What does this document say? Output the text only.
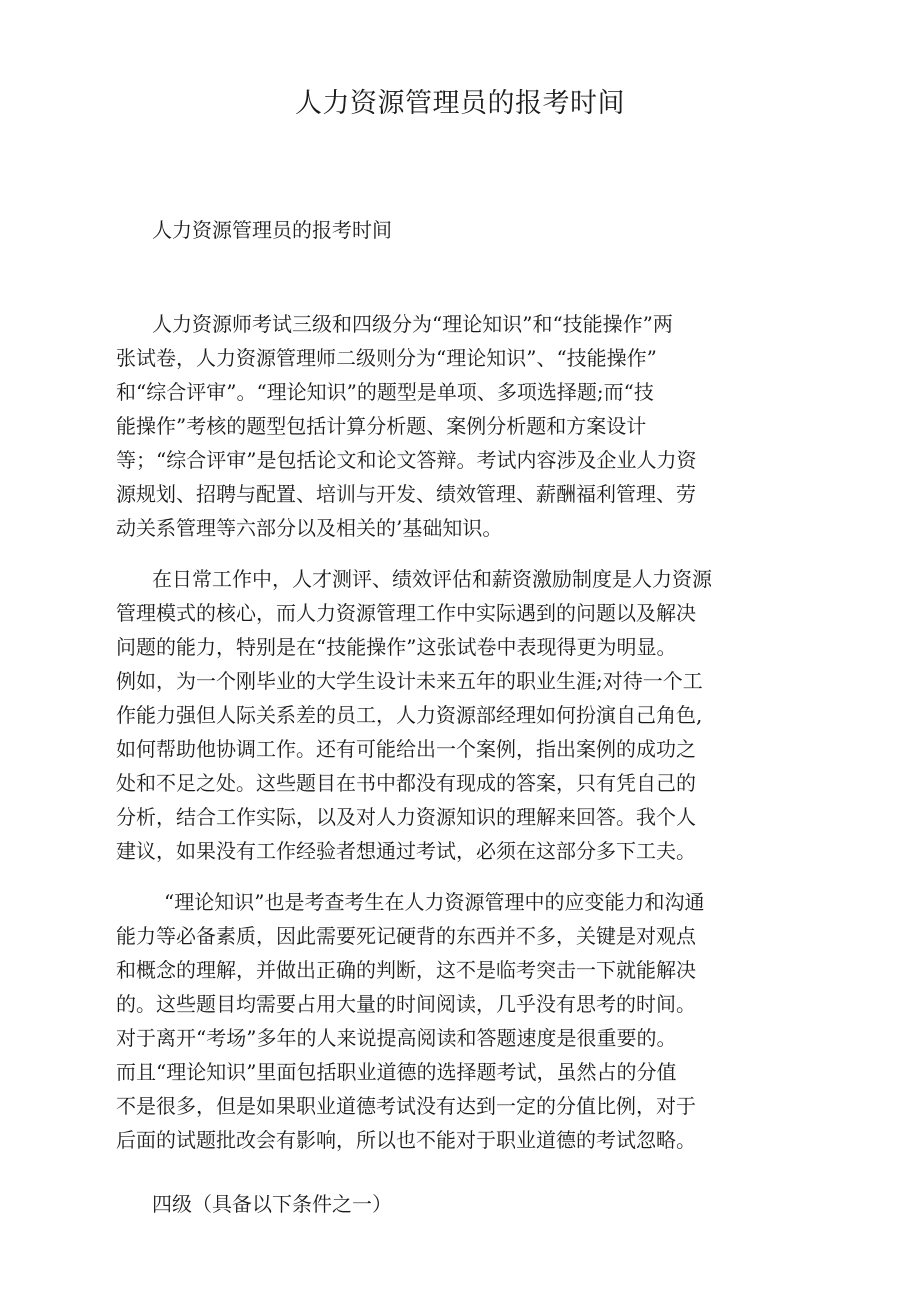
人力资源管理员的报考时间
人力资源管理员的报考时间
人力资源师考试三级和四级分为“理论知识”和“技能操作”两
张试卷，人力资源管理师二级则分为“理论知识”、“技能操作”
和“综合评审”。“理论知识”的题型是单项、多项选择题;而“技
能操作”考核的题型包括计算分析题、案例分析题和方案设计
等；“综合评审”是包括论文和论文答辩。考试内容涉及企业人力资
源规划、招聘与配置、培训与开发、绩效管理、薪酬福利管理、劳
动关系管理等六部分以及相关的’基础知识。
在日常工作中，人才测评、绩效评估和薪资激励制度是人力资源
管理模式的核心，而人力资源管理工作中实际遇到的问题以及解决
问题的能力，特别是在“技能操作”这张试卷中表现得更为明显。
例如，为一个刚毕业的大学生设计未来五年的职业生涯;对待一个工
作能力强但人际关系差的员工，人力资源部经理如何扮演自己角色,
如何帮助他协调工作。还有可能给出一个案例，指出案例的成功之
处和不足之处。这些题目在书中都没有现成的答案，只有凭自己的
分析，结合工作实际，以及对人力资源知识的理解来回答。我个人
建议，如果没有工作经验者想通过考试，必须在这部分多下工夫。
“理论知识”也是考查考生在人力资源管理中的应变能力和沟通
能力等必备素质，因此需要死记硬背的东西并不多，关键是对观点
和概念的理解，并做出正确的判断，这不是临考突击一下就能解决
的。这些题目均需要占用大量的时间阅读，几乎没有思考的时间。
对于离开“考场”多年的人来说提高阅读和答题速度是很重要的。
而且“理论知识”里面包括职业道德的选择题考试，虽然占的分值
不是很多，但是如果职业道德考试没有达到一定的分值比例，对于
后面的试题批改会有影响，所以也不能对于职业道德的考试忽略。
四级（具备以下条件之一）
